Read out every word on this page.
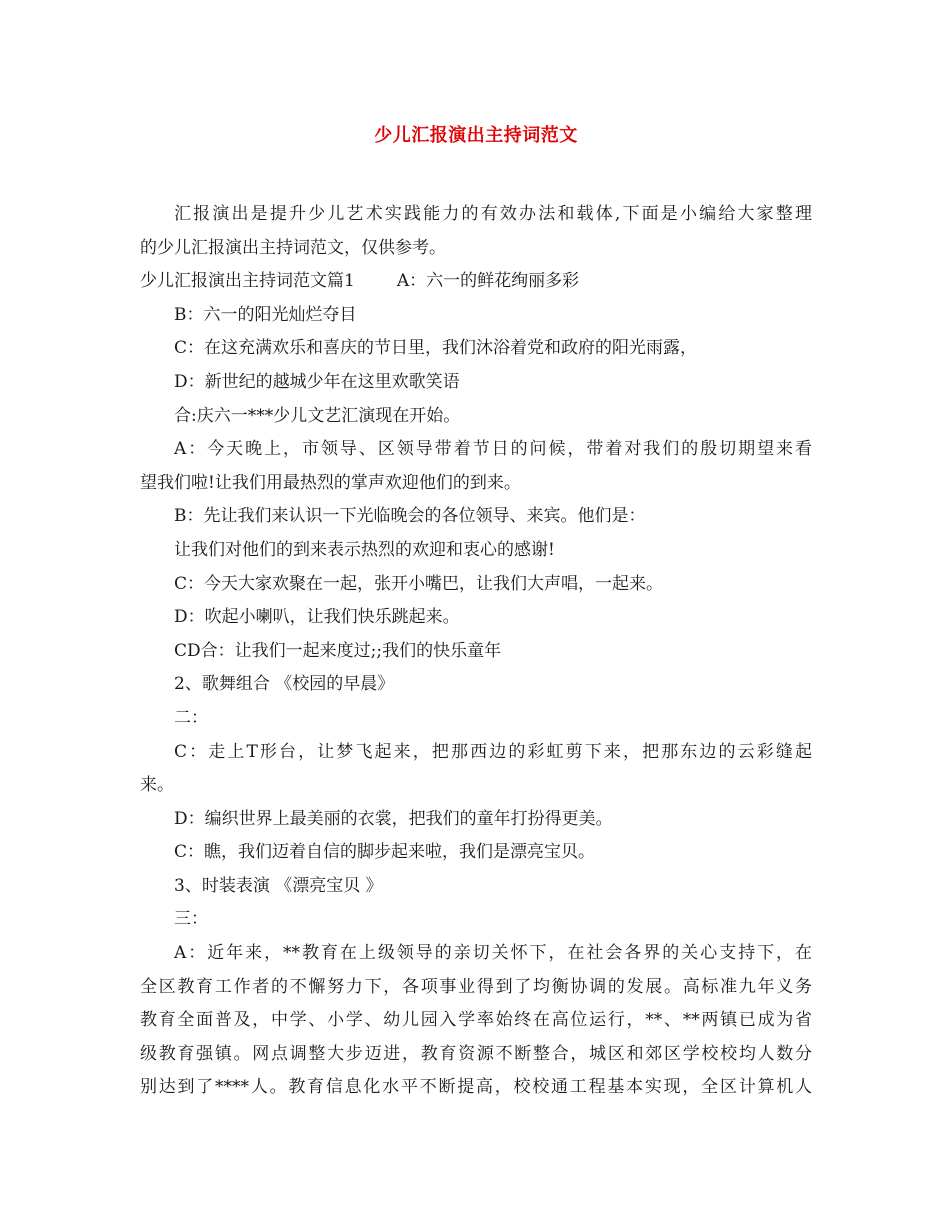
少儿汇报演出主持词范文
汇报演出是提升少儿艺术实践能力的有效办法和载体,下面是小编给大家整理
的少儿汇报演出主持词范文，仅供参考。
少儿汇报演出主持词范文篇1 A：六一的鲜花绚丽多彩
B：六一的阳光灿烂夺目
C：在这充满欢乐和喜庆的节日里，我们沐浴着党和政府的阳光雨露，
D：新世纪的越城少年在这里欢歌笑语
合:庆六一***少儿文艺汇演现在开始。
A：今天晚上，市领导、区领导带着节日的问候，带着对我们的殷切期望来看
望我们啦!让我们用最热烈的掌声欢迎他们的到来。
B：先让我们来认识一下光临晚会的各位领导、来宾。他们是：
让我们对他们的到来表示热烈的欢迎和衷心的感谢!
C：今天大家欢聚在一起，张开小嘴巴，让我们大声唱，一起来。
D：吹起小喇叭，让我们快乐跳起来。
CD合：让我们一起来度过;;我们的快乐童年
2、歌舞组合 《校园的早晨》
二：
C：走上T形台，让梦飞起来，把那西边的彩虹剪下来，把那东边的云彩缝起
来。
D：编织世界上最美丽的衣裳，把我们的童年打扮得更美。
C：瞧，我们迈着自信的脚步起来啦，我们是漂亮宝贝。
3、时装表演 《漂亮宝贝 》
三：
A：近年来，**教育在上级领导的亲切关怀下，在社会各界的关心支持下，在
全区教育工作者的不懈努力下，各项事业得到了均衡协调的发展。高标准九年义务
教育全面普及，中学、小学、幼儿园入学率始终在高位运行，**、**两镇已成为省
级教育强镇。网点调整大步迈进，教育资源不断整合，城区和郊区学校校均人数分
别达到了****人。教育信息化水平不断提高，校校通工程基本实现，全区计算机人
